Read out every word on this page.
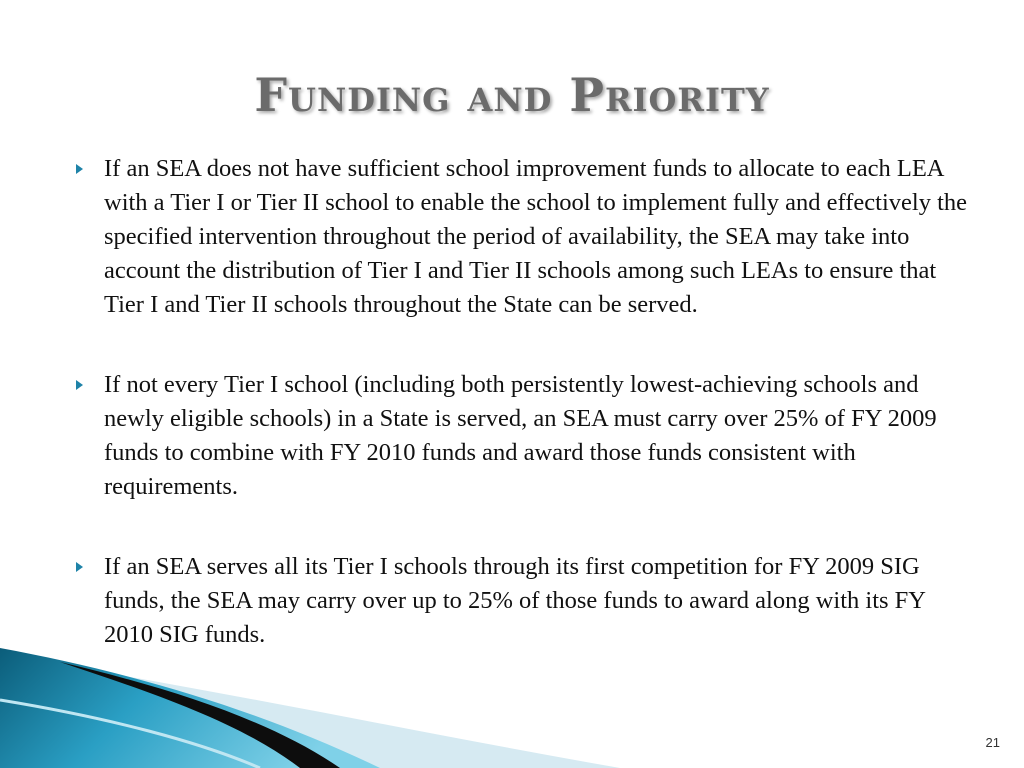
Funding and Priority
If an SEA does not have sufficient school improvement funds to allocate to each LEA with a Tier I or Tier II school to enable the school to implement fully and effectively the specified intervention throughout the period of availability, the SEA may take into account the distribution of Tier I and Tier II schools among such LEAs to ensure that Tier I and Tier II schools throughout the State can be served.
If not every Tier I school (including both persistently lowest-achieving schools and newly eligible schools) in a State is served, an SEA must carry over 25% of FY 2009 funds to combine with FY 2010 funds and award those funds consistent with requirements.
If an SEA serves all its Tier I schools through its first competition for FY 2009 SIG funds, the SEA may carry over up to 25% of those funds to award along with its FY 2010 SIG funds.
21
